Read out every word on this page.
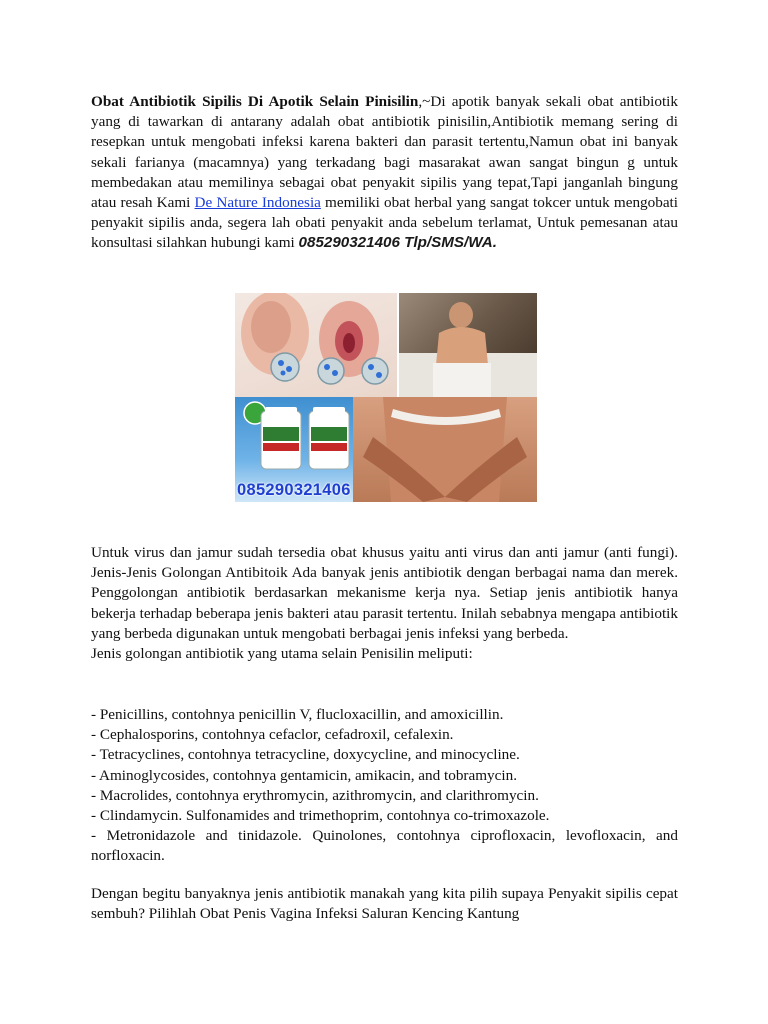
Obat Antibiotik Sipilis Di Apotik Selain Pinisilin,~Di apotik banyak sekali obat antibiotik yang di tawarkan di antarany adalah obat antibiotik pinisilin,Antibiotik memang sering di resepkan untuk mengobati infeksi karena bakteri dan parasit tertentu,Namun obat ini banyak sekali farianya (macamnya) yang terkadang bagi masarakat awan sangat bingun g untuk membedakan atau memilinya sebagai obat penyakit sipilis yang tepat,Tapi janganlah bingung atau resah Kami De Nature Indonesia memiliki obat herbal yang sangat tokcer untuk mengobati penyakit sipilis anda, segera lah obati penyakit anda sebelum terlamat, Untuk pemesanan atau konsultasi silahkan hubungi kami 085290321406 Tlp/SMS/WA.
085290321406
Untuk virus dan jamur sudah tersedia obat khusus yaitu anti virus dan anti jamur (anti fungi). Jenis-Jenis Golongan Antibitoik Ada banyak jenis antibiotik dengan berbagai nama dan merek. Penggolongan antibiotik berdasarkan mekanisme kerja nya. Setiap jenis antibiotik hanya bekerja terhadap beberapa jenis bakteri atau parasit tertentu. Inilah sebabnya mengapa antibiotik yang berbeda digunakan untuk mengobati berbagai jenis infeksi yang berbeda.
Jenis golongan antibiotik yang utama selain Penisilin meliputi:

- Penicillins, contohnya penicillin V, flucloxacillin, and amoxicillin.

- Cephalosporins, contohnya cefaclor, cefadroxil, cefalexin.

- Tetracyclines, contohnya tetracycline, doxycycline, and minocycline.

- Aminoglycosides, contohnya gentamicin, amikacin, and tobramycin.

- Macrolides, contohnya erythromycin, azithromycin, and clarithromycin.

- Clindamycin. Sulfonamides and trimethoprim, contohnya co-trimoxazole.

- Metronidazole and tinidazole. Quinolones, contohnya ciprofloxacin, levofloxacin, and norfloxacin.

Dengan begitu banyaknya jenis antibiotik manakah yang kita pilih supaya Penyakit sipilis cepat sembuh? Pilihlah Obat Penis Vagina Infeksi Saluran Kencing Kantung
